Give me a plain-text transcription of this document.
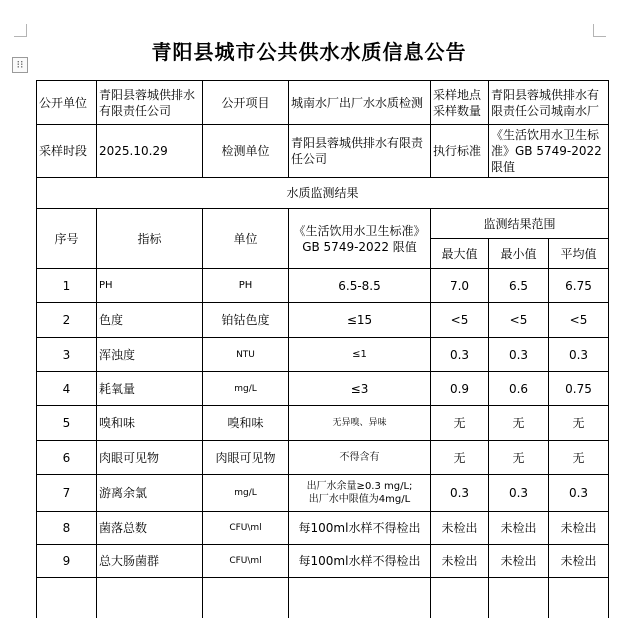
⁝⁝
青阳县城市公共供水水质信息公告
公开单位	青阳县蓉城供排水有限责任公司	公开项目	城南水厂出厂水水质检测	采样地点采样数量	青阳县蓉城供排水有限责任公司城南水厂	
采样时段	2025.10.29	检测单位	青阳县蓉城供排水有限责任公司	执行标准	《生活饮用水卫生标准》GB 5749-2022 限值	
水质监测结果						
序号	指标	单位	《生活饮用水卫生标准》GB 5749-2022 限值	监测结果范围		
				最大值	最小值	平均值
1	PH	PH	6.5-8.5	7.0	6.5	6.75
2	色度	铂钴色度	≤15	<5	<5	<5
3	浑浊度	NTU	≤1	0.3	0.3	0.3
4	耗氧量	mg/L	≤3	0.9	0.6	0.75
5	嗅和味	嗅和味	无异嗅、异味	无	无	无
6	肉眼可见物	肉眼可见物	不得含有	无	无	无
7	游离余氯	mg/L	出厂水余量≥0.3 mg/L;
出厂水中限值为4mg/L	0.3	0.3	0.3
8	菌落总数	CFU\ml	每100ml水样不得检出	未检出	未检出	未检出
9	总大肠菌群	CFU\ml	每100ml水样不得检出	未检出	未检出	未检出
